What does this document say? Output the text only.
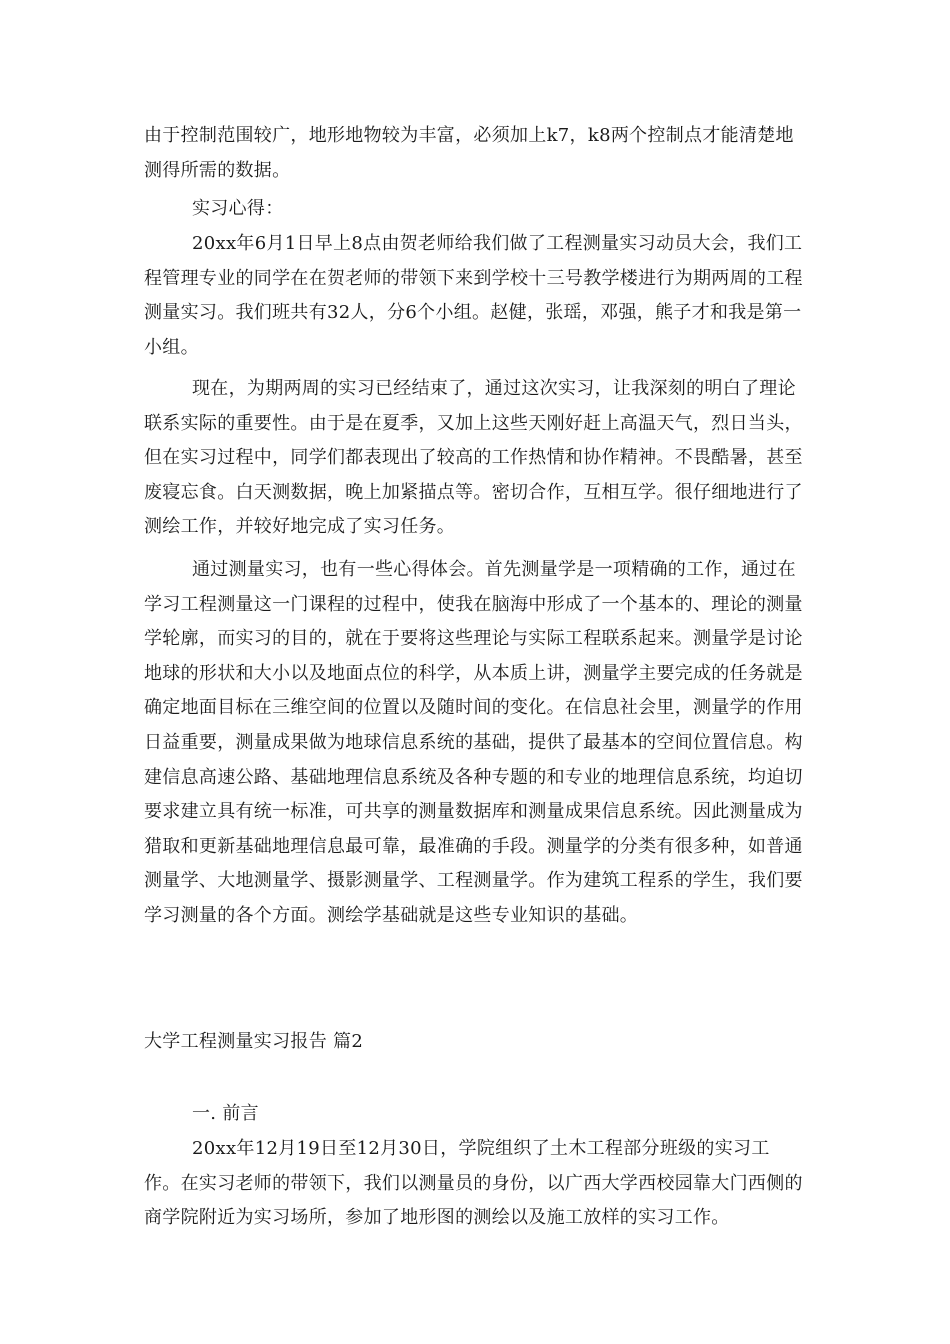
由于控制范围较广，地形地物较为丰富，必须加上k7，k8两个控制点才能清楚地测得所需的数据。

实习心得：

20xx年6月1日早上8点由贺老师给我们做了工程测量实习动员大会，我们工程管理专业的同学在在贺老师的带领下来到学校十三号教学楼进行为期两周的工程测量实习。我们班共有32人，分6个小组。赵健，张瑶，邓强，熊子才和我是第一小组。

现在，为期两周的实习已经结束了，通过这次实习，让我深刻的明白了理论联系实际的重要性。由于是在夏季，又加上这些天刚好赶上高温天气，烈日当头，但在实习过程中，同学们都表现出了较高的工作热情和协作精神。不畏酷暑，甚至废寝忘食。白天测数据，晚上加紧描点等。密切合作，互相互学。很仔细地进行了测绘工作，并较好地完成了实习任务。

通过测量实习，也有一些心得体会。首先测量学是一项精确的工作，通过在学习工程测量这一门课程的过程中，使我在脑海中形成了一个基本的、理论的测量学轮廓，而实习的目的，就在于要将这些理论与实际工程联系起来。测量学是讨论地球的形状和大小以及地面点位的科学，从本质上讲，测量学主要完成的任务就是确定地面目标在三维空间的位置以及随时间的变化。在信息社会里，测量学的作用日益重要，测量成果做为地球信息系统的基础，提供了最基本的空间位置信息。构建信息高速公路、基础地理信息系统及各种专题的和专业的地理信息系统，均迫切要求建立具有统一标准，可共享的测量数据库和测量成果信息系统。因此测量成为猎取和更新基础地理信息最可靠，最准确的手段。测量学的分类有很多种，如普通测量学、大地测量学、摄影测量学、工程测量学。作为建筑工程系的学生，我们要学习测量的各个方面。测绘学基础就是这些专业知识的基础。

大学工程测量实习报告 篇2
一. 前言

20xx年12月19日至12月30日，学院组织了土木工程部分班级的实习工作。在实习老师的带领下，我们以测量员的身份，以广西大学西校园靠大门西侧的商学院附近为实习场所，参加了地形图的测绘以及施工放样的实习工作。
